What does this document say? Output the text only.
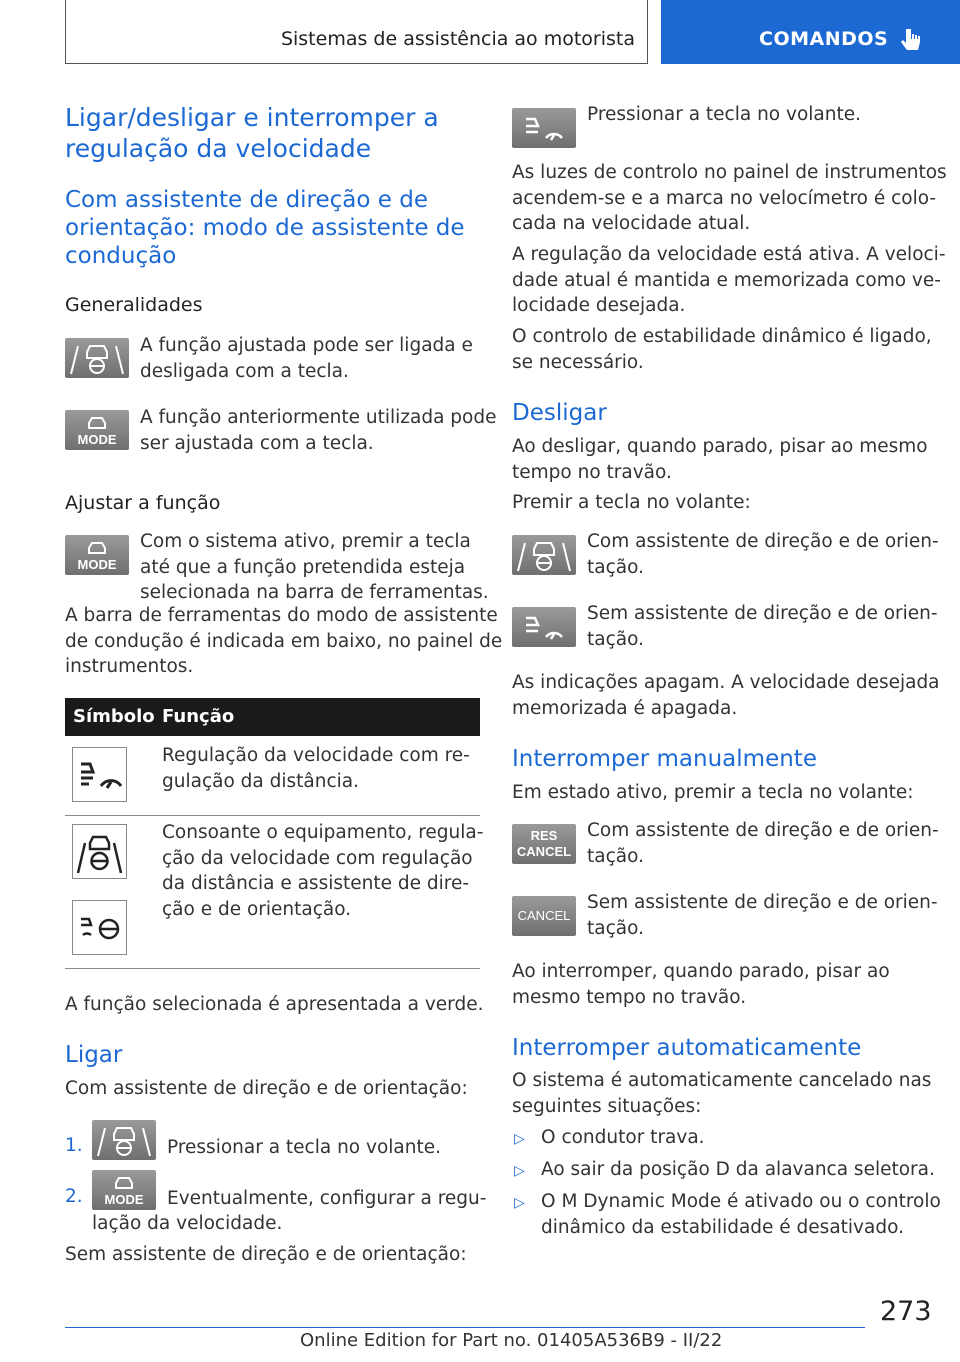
Sistemas de assistência ao motorista	COMANDOS
Ligar/desligar e interromper a
regulação da velocidade
Com assistente de direção e de
orientação: modo de assistente de
condução
Generalidades
A função ajustada pode ser ligada e
desligada com a tecla.
MODE
A função anteriormente utilizada pode
ser ajustada com a tecla.
Ajustar a função
MODE
Com o sistema ativo, premir a tecla
até que a função pretendida esteja
selecionada na barra de ferramentas.
A barra de ferramentas do modo de assistente
de condução é indicada em baixo, no painel de
instrumentos.
Símbolo Função
Regulação da velocidade com re-
gulação da distância.
Consoante o equipamento, regula-
ção da velocidade com regulação
da distância e assistente de dire-
ção e de orientação.
A função selecionada é apresentada a verde.
Ligar
Com assistente de direção e de orientação:
1.	Pressionar a tecla no volante.
2.	MODE	Eventualmente, configurar a regu-
lação da velocidade.
Sem assistente de direção e de orientação:
Pressionar a tecla no volante.
As luzes de controlo no painel de instrumentos
acendem-se e a marca no velocímetro é colo-
cada na velocidade atual.
A regulação da velocidade está ativa. A veloci-
dade atual é mantida e memorizada como ve-
locidade desejada.
O controlo de estabilidade dinâmico é ligado,
se necessário.
Desligar
Ao desligar, quando parado, pisar ao mesmo
tempo no travão.
Premir a tecla no volante:
Com assistente de direção e de orien-
tação.
Sem assistente de direção e de orien-
tação.
As indicações apagam. A velocidade desejada
memorizada é apagada.
Interromper manualmente
Em estado ativo, premir a tecla no volante:
RES
CANCEL
Com assistente de direção e de orien-
tação.
CANCEL
Sem assistente de direção e de orien-
tação.
Ao interromper, quando parado, pisar ao
mesmo tempo no travão.
Interromper automaticamente
O sistema é automaticamente cancelado nas
seguintes situações:
▷ O condutor trava.
▷ Ao sair da posição D da alavanca seletora.
▷ O M Dynamic Mode é ativado ou o controlo
dinâmico da estabilidade é desativado.
273
Online Edition for Part no. 01405A536B9 - II/22
